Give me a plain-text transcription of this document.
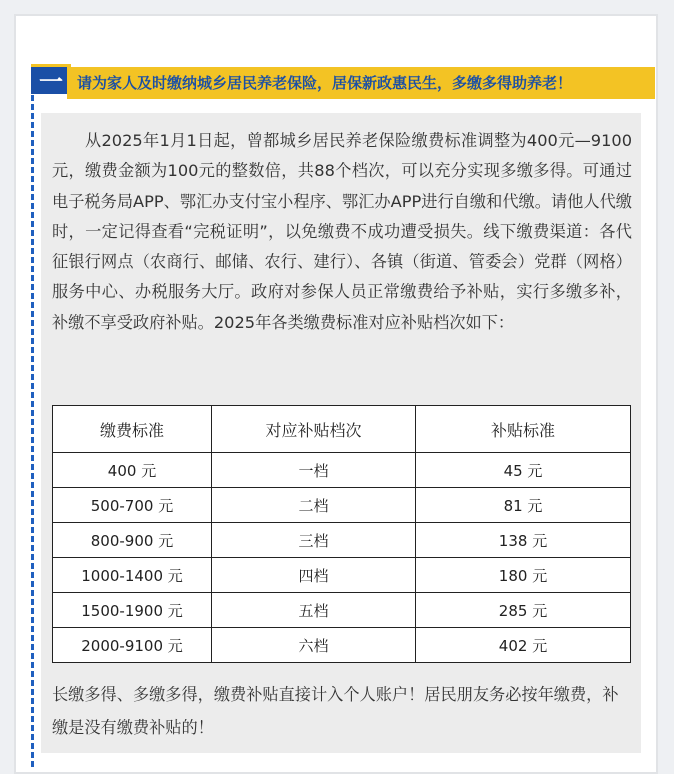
一 请为家人及时缴纳城乡居民养老保险，居保新政惠民生，多缴多得助养老！

从2025年1月1日起，曾都城乡居民养老保险缴费标准调整为400元—9100元，缴费金额为100元的整数倍，共88个档次，可以充分实现多缴多得。可通过电子税务局APP、鄂汇办支付宝小程序、鄂汇办APP进行自缴和代缴。请他人代缴时，一定记得查看“完税证明”，以免缴费不成功遭受损失。线下缴费渠道：各代征银行网点（农商行、邮储、农行、建行）、各镇（街道、管委会）党群（网格）服务中心、办税服务大厅。政府对参保人员正常缴费给予补贴，实行多缴多补，补缴不享受政府补贴。2025年各类缴费标准对应补贴档次如下：

缴费标准	对应补贴档次	补贴标准
400 元	一档	45 元
500-700 元	二档	81 元
800-900 元	三档	138 元
1000-1400 元	四档	180 元
1500-1900 元	五档	285 元
2000-9100 元	六档	402 元

长缴多得、多缴多得，缴费补贴直接计入个人账户！居民朋友务必按年缴费，补缴是没有缴费补贴的！
